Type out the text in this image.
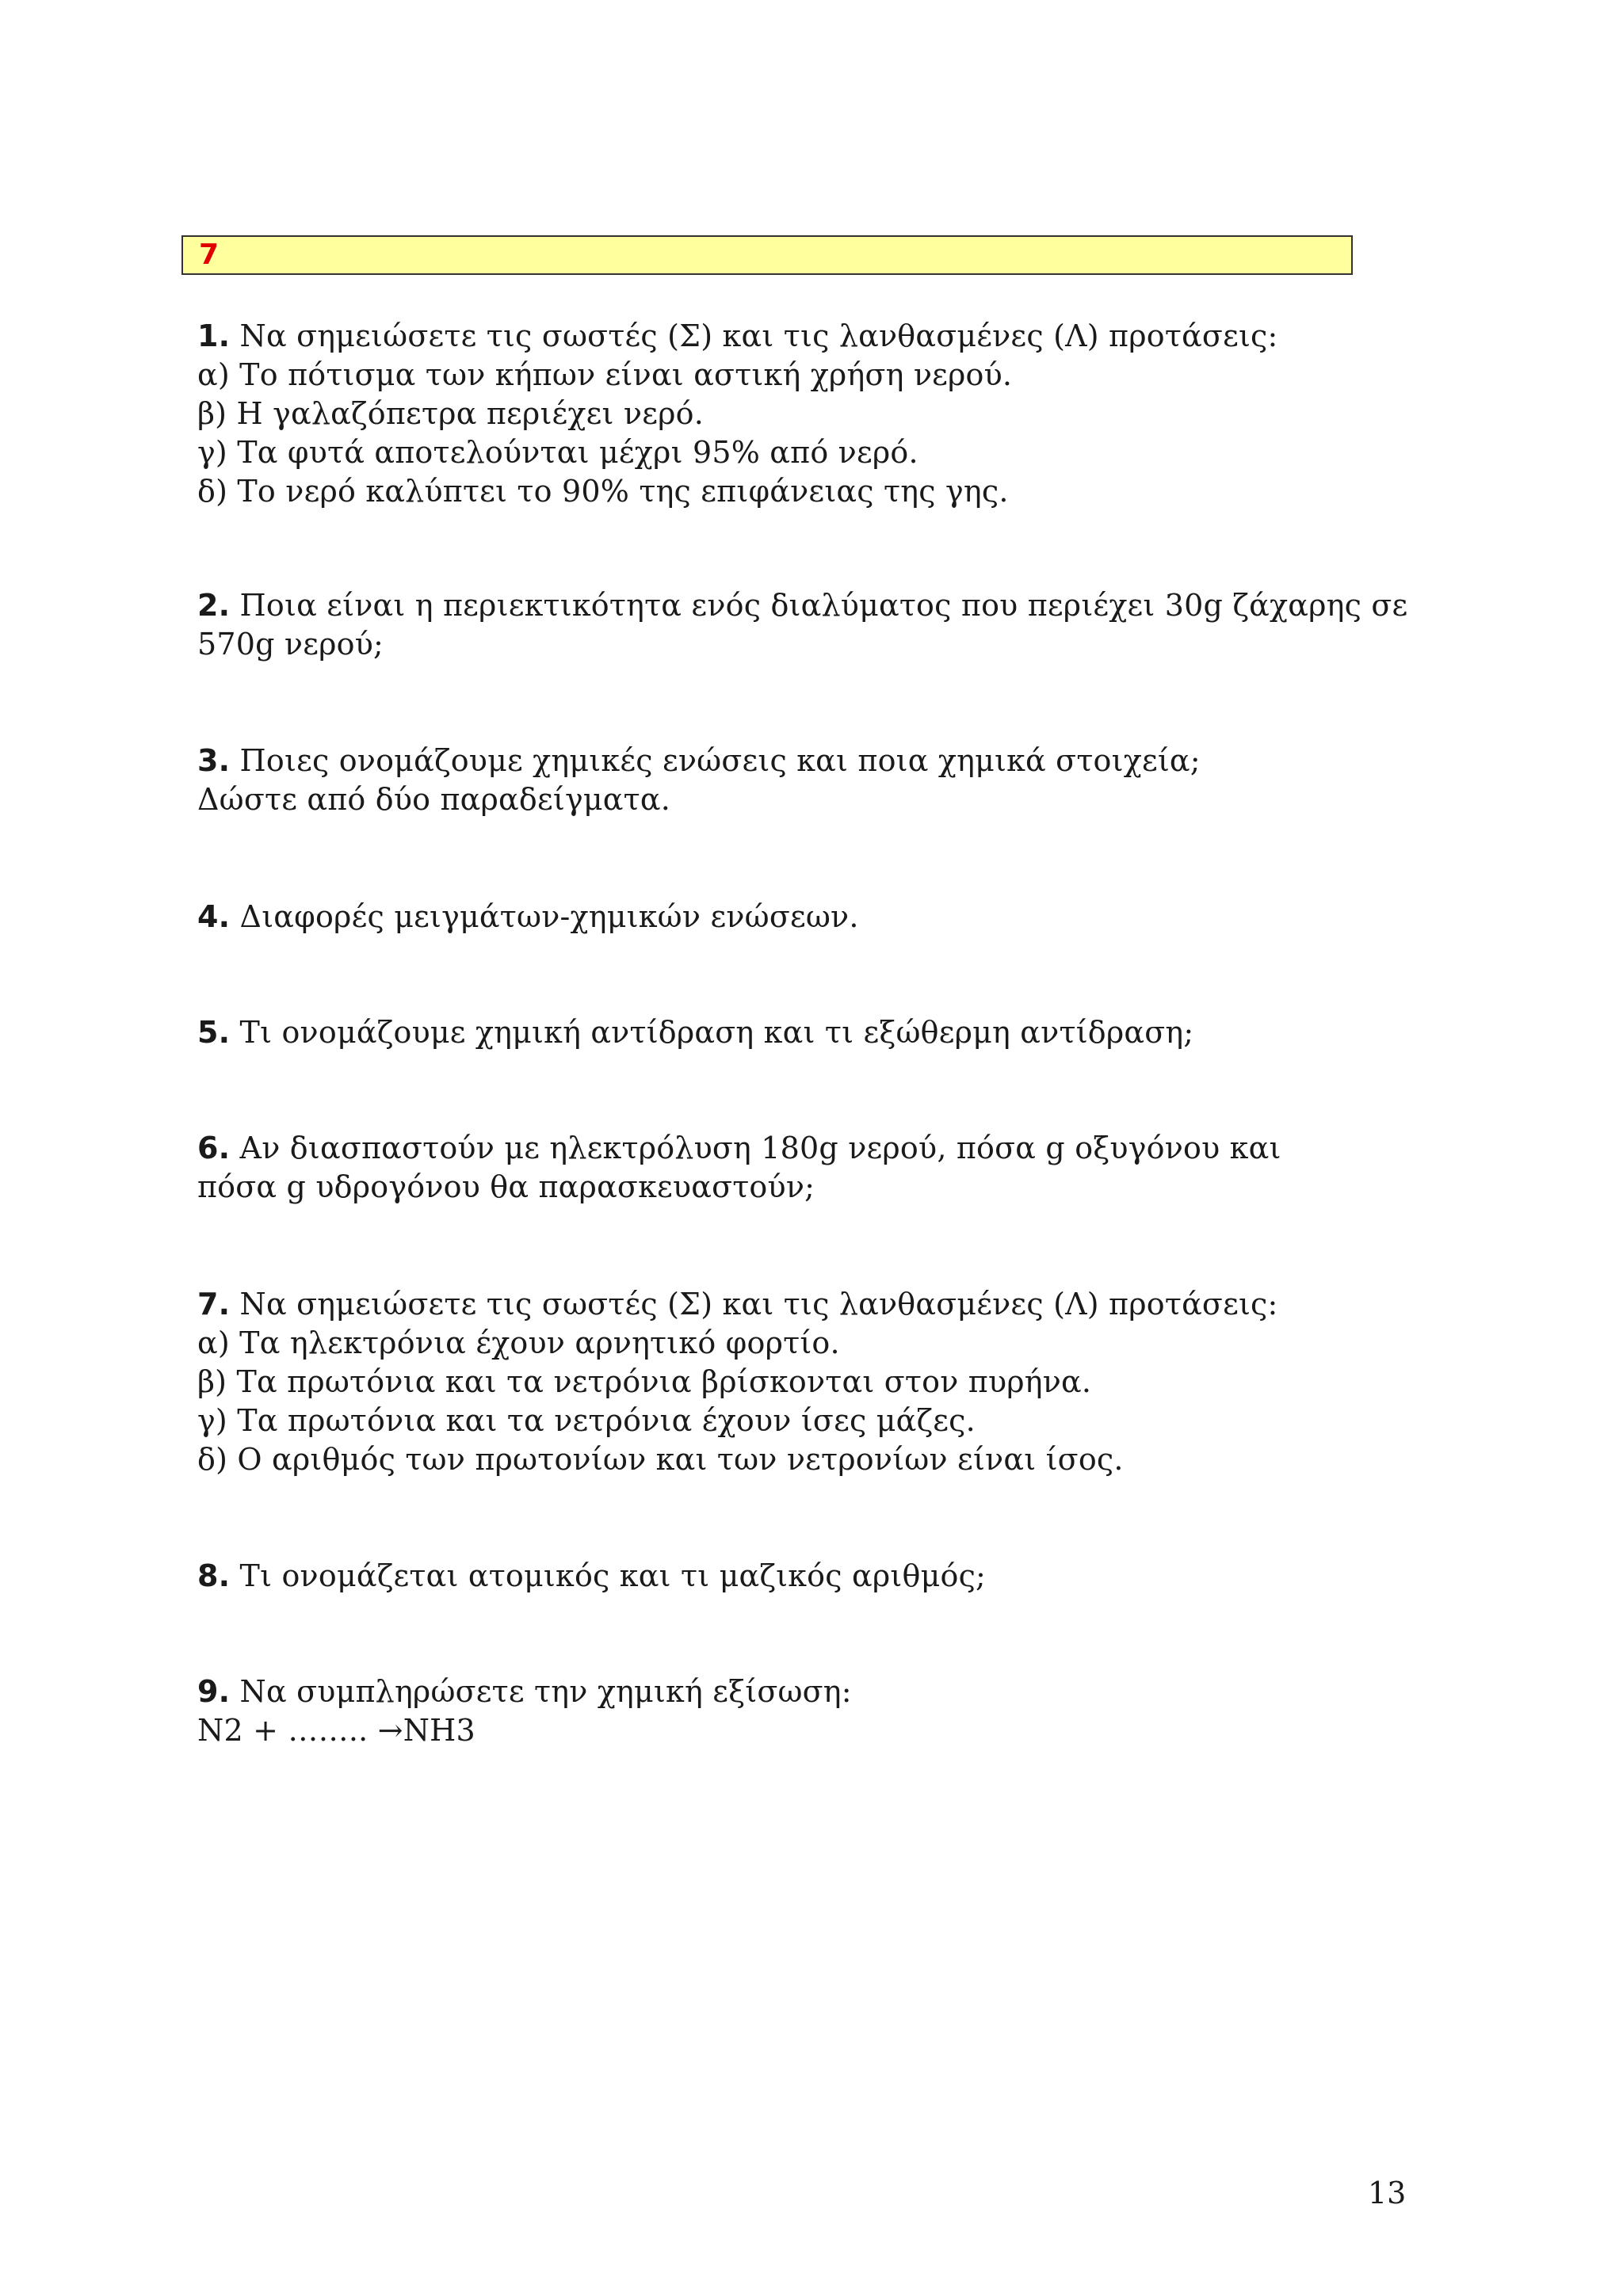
7
1. Να σημειώσετε τις σωστές (Σ) και τις λανθασμένες (Λ) προτάσεις:
α) Το πότισμα των κήπων είναι αστική χρήση νερού.
β) Η γαλαζόπετρα περιέχει νερό.
γ) Τα φυτά αποτελούνται μέχρι 95% από νερό.
δ) Το νερό καλύπτει το 90% της επιφάνειας της γης.
2. Ποια είναι η περιεκτικότητα ενός διαλύματος που περιέχει 30g ζάχαρης σε
570g νερού;
3. Ποιες ονομάζουμε χημικές ενώσεις και ποια χημικά στοιχεία;
Δώστε από δύο παραδείγματα.
4. Διαφορές μειγμάτων-χημικών ενώσεων.
5. Τι ονομάζουμε χημική αντίδραση και τι εξώθερμη αντίδραση;
6. Αν διασπαστούν με ηλεκτρόλυση 180g νερού, πόσα g οξυγόνου και
πόσα g υδρογόνου θα παρασκευαστούν;
7. Να σημειώσετε τις σωστές (Σ) και τις λανθασμένες (Λ) προτάσεις:
α) Τα ηλεκτρόνια έχουν αρνητικό φορτίο.
β) Τα πρωτόνια και τα νετρόνια βρίσκονται στον πυρήνα.
γ) Τα πρωτόνια και τα νετρόνια έχουν ίσες μάζες.
δ) Ο αριθμός των πρωτονίων και των νετρονίων είναι ίσος.
8. Τι ονομάζεται ατομικός και τι μαζικός αριθμός;
9. Να συμπληρώσετε την χημική εξίσωση:
N2 + …….. →NH3
13
